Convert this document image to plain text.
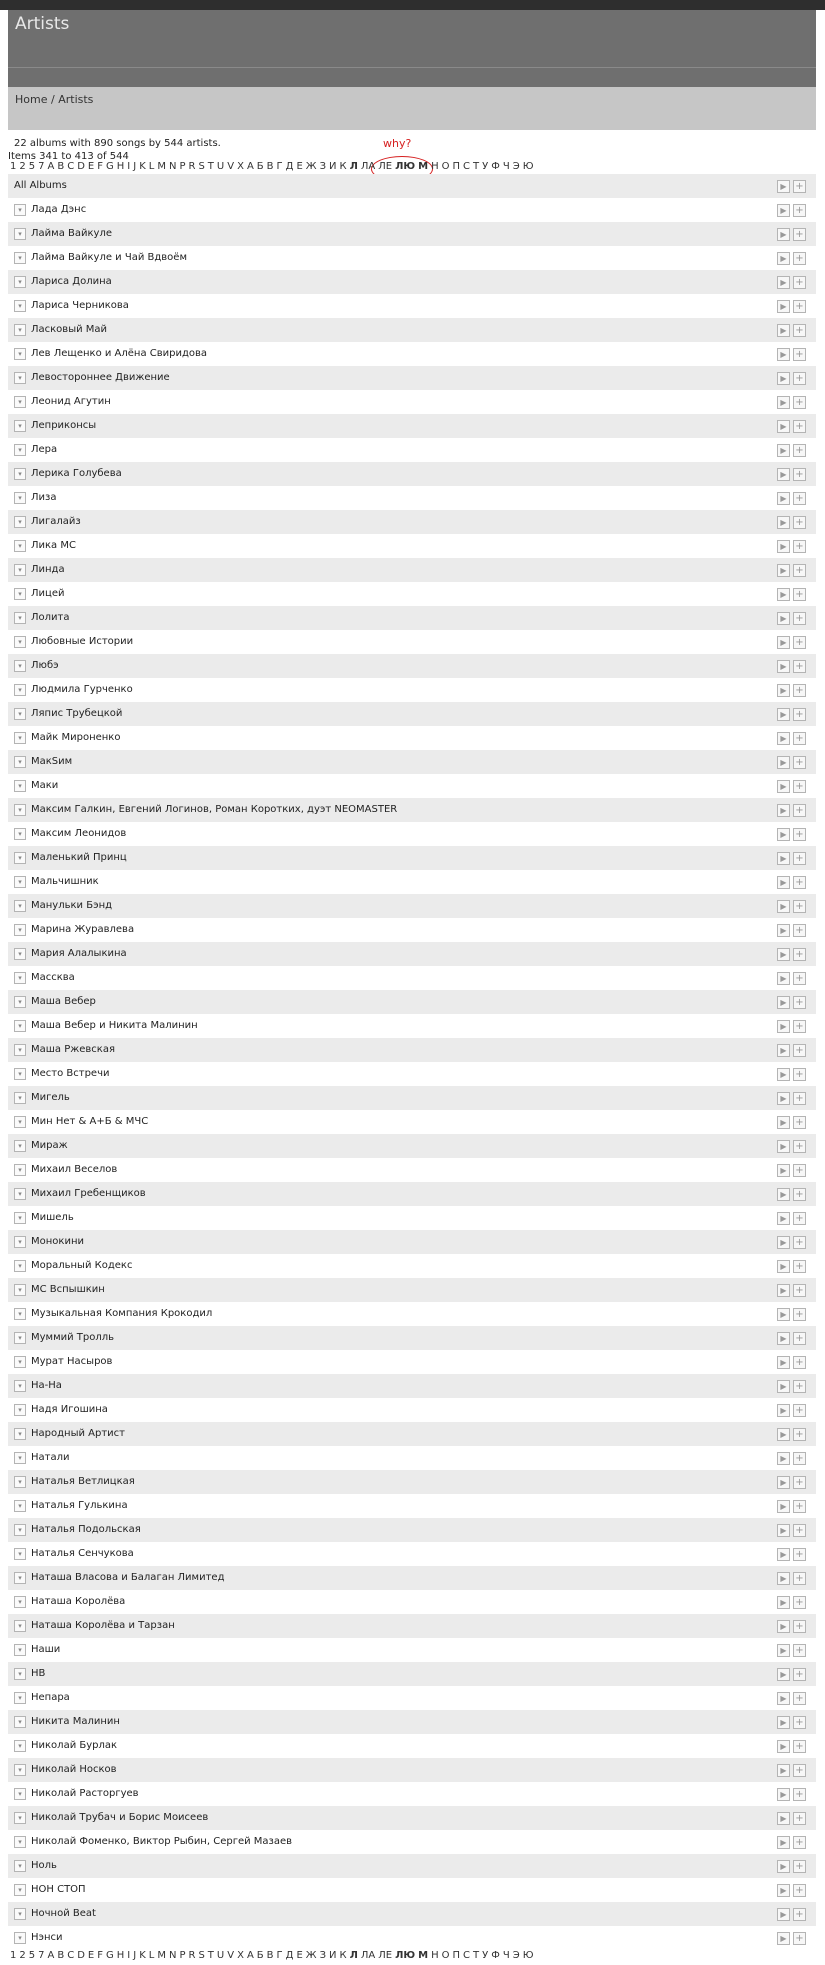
Artists
Home / Artists
22 albums with 890 songs by 544 artists.
Items 341 to 413 of 544
why?
1 2 5 7 A B C D E F G H I J K L M N P R S T U V X А Б В Г Д Е Ж З И К Л ЛА ЛЕ ЛЮ М Н О П С Т У Ф Ч Э Ю
All Albums	▶ +
▾ Лада Дэнс	▶ +
▾ Лайма Вайкуле	▶ +
▾ Лайма Вайкуле и Чай Вдвоём	▶ +
▾ Лариса Долина	▶ +
▾ Лариса Черникова	▶ +
▾ Ласковый Май	▶ +
▾ Лев Лещенко и Алёна Свиридова	▶ +
▾ Левостороннее Движение	▶ +
▾ Леонид Агутин	▶ +
▾ Леприконсы	▶ +
▾ Лера	▶ +
▾ Лерика Голубева	▶ +
▾ Лиза	▶ +
▾ Лигалайз	▶ +
▾ Лика МС	▶ +
▾ Линда	▶ +
▾ Лицей	▶ +
▾ Лолита	▶ +
▾ Любовные Истории	▶ +
▾ Любэ	▶ +
▾ Людмила Гурченко	▶ +
▾ Ляпис Трубецкой	▶ +
▾ Майк Мироненко	▶ +
▾ МакSим	▶ +
▾ Маки	▶ +
▾ Максим Галкин, Евгений Логинов, Роман Коротких, дуэт NEOMASTER	▶ +
▾ Максим Леонидов	▶ +
▾ Маленький Принц	▶ +
▾ Мальчишник	▶ +
▾ Манульки Бэнд	▶ +
▾ Марина Журавлева	▶ +
▾ Мария Алалыкина	▶ +
▾ Массква	▶ +
▾ Маша Вебер	▶ +
▾ Маша Вебер и Никита Малинин	▶ +
▾ Маша Ржевская	▶ +
▾ Место Встречи	▶ +
▾ Мигель	▶ +
▾ Мин Нет & А+Б & МЧС	▶ +
▾ Мираж	▶ +
▾ Михаил Веселов	▶ +
▾ Михаил Гребенщиков	▶ +
▾ Мишель	▶ +
▾ Монокини	▶ +
▾ Моральный Кодекс	▶ +
▾ МС Вспышкин	▶ +
▾ Музыкальная Компания Крокодил	▶ +
▾ Муммий Тролль	▶ +
▾ Мурат Насыров	▶ +
▾ На-На	▶ +
▾ Надя Игошина	▶ +
▾ Народный Артист	▶ +
▾ Натали	▶ +
▾ Наталья Ветлицкая	▶ +
▾ Наталья Гулькина	▶ +
▾ Наталья Подольская	▶ +
▾ Наталья Сенчукова	▶ +
▾ Наташа Власова и Балаган Лимитед	▶ +
▾ Наташа Королёва	▶ +
▾ Наташа Королёва и Тарзан	▶ +
▾ Наши	▶ +
▾ НВ	▶ +
▾ Непара	▶ +
▾ Никита Малинин	▶ +
▾ Николай Бурлак	▶ +
▾ Николай Носков	▶ +
▾ Николай Расторгуев	▶ +
▾ Николай Трубач и Борис Моисеев	▶ +
▾ Николай Фоменко, Виктор Рыбин, Сергей Мазаев	▶ +
▾ Ноль	▶ +
▾ НОН СТОП	▶ +
▾ Ночной Beat	▶ +
▾ Нэнси	▶ +
1 2 5 7 A B C D E F G H I J K L M N P R S T U V X А Б В Г Д Е Ж З И К Л ЛА ЛЕ ЛЮ М Н О П С Т У Ф Ч Э Ю
